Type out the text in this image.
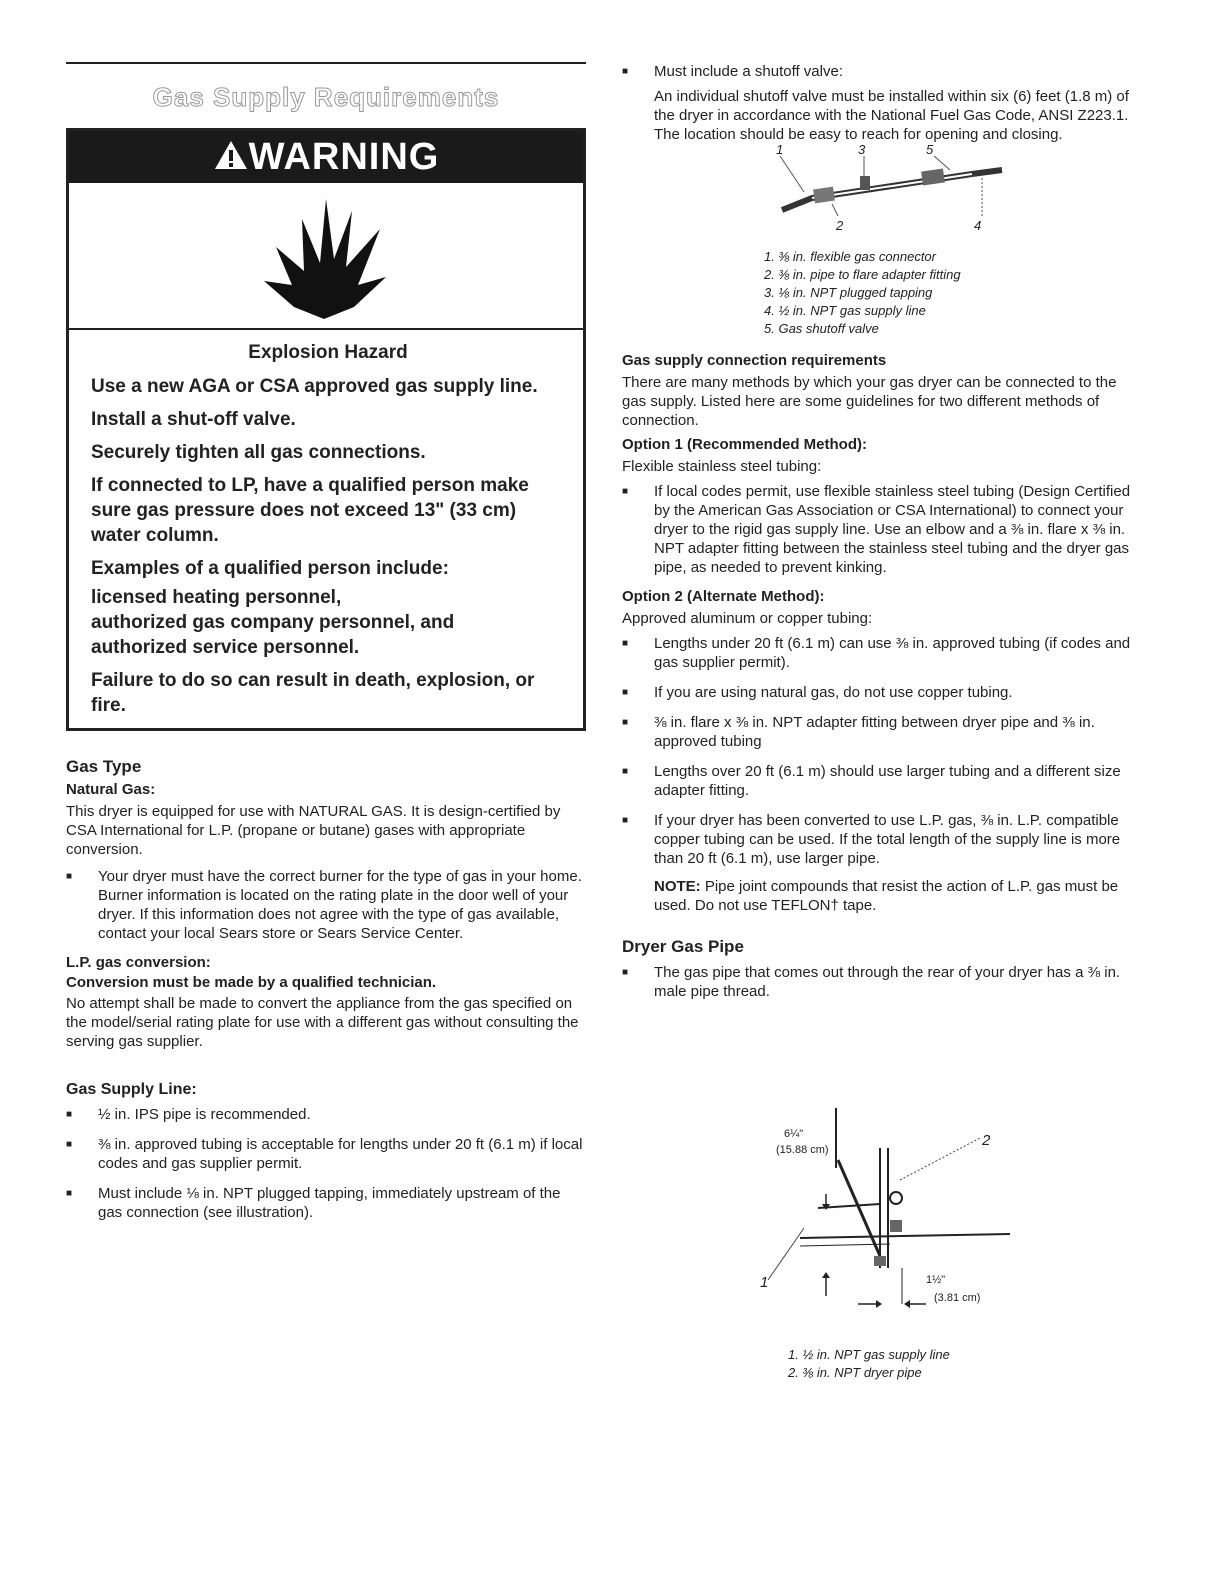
Gas Supply Requirements
WARNING
Explosion Hazard

Use a new AGA or CSA approved gas supply line.

Install a shut-off valve.

Securely tighten all gas connections.

If connected to LP, have a qualified person make sure gas pressure does not exceed 13" (33 cm) water column.

Examples of a qualified person include:

licensed heating personnel,

authorized gas company personnel, and

authorized service personnel.

Failure to do so can result in death, explosion, or fire.

Gas Type
Natural Gas:

This dryer is equipped for use with NATURAL GAS. It is design-certified by CSA International for L.P. (propane or butane) gases with appropriate conversion.

■ Your dryer must have the correct burner for the type of gas in your home. Burner information is located on the rating plate in the door well of your dryer. If this information does not agree with the type of gas available, contact your local Sears store or Sears Service Center.
L.P. gas conversion:
Conversion must be made by a qualified technician.

No attempt shall be made to convert the appliance from the gas specified on the model/serial rating plate for use with a different gas without consulting the serving gas supplier.

Gas Supply Line:
■ ½ in. IPS pipe is recommended.
■ ⅜ in. approved tubing is acceptable for lengths under 20 ft (6.1 m) if local codes and gas supplier permit.
■ Must include ⅛ in. NPT plugged tapping, immediately upstream of the gas connection (see illustration).
■ Must include a shutoff valve:

An individual shutoff valve must be installed within six (6) feet (1.8 m) of the dryer in accordance with the National Fuel Gas Code, ANSI Z223.1. The location should be easy to reach for opening and closing.

1	3	5
2	4
1. ⅜ in. flexible gas connector
2. ⅜ in. pipe to flare adapter fitting
3. ⅛ in. NPT plugged tapping
4. ½ in. NPT gas supply line
5. Gas shutoff valve
Gas supply connection requirements

There are many methods by which your gas dryer can be connected to the gas supply. Listed here are some guidelines for two different methods of connection.

Option 1 (Recommended Method):

Flexible stainless steel tubing:

■ If local codes permit, use flexible stainless steel tubing (Design Certified by the American Gas Association or CSA International) to connect your dryer to the rigid gas supply line. Use an elbow and a ⅜ in. flare x ⅜ in. NPT adapter fitting between the stainless steel tubing and the dryer gas pipe, as needed to prevent kinking.
Option 2 (Alternate Method):

Approved aluminum or copper tubing:

■ Lengths under 20 ft (6.1 m) can use ⅜ in. approved tubing (if codes and gas supplier permit).
■ If you are using natural gas, do not use copper tubing.
■ ⅜ in. flare x ⅜ in. NPT adapter fitting between dryer pipe and ⅜ in. approved tubing
■ Lengths over 20 ft (6.1 m) should use larger tubing and a different size adapter fitting.
■ If your dryer has been converted to use L.P. gas, ⅜ in. L.P. compatible copper tubing can be used. If the total length of the supply line is more than 20 ft (6.1 m), use larger pipe.

NOTE: Pipe joint compounds that resist the action of L.P. gas must be used. Do not use TEFLON† tape.

Dryer Gas Pipe
■ The gas pipe that comes out through the rear of your dryer has a ⅜ in. male pipe thread.
6¼"
(15.88 cm)
1½"
(3.81 cm)
2
1
1. ½ in. NPT gas supply line
2. ⅜ in. NPT dryer pipe
